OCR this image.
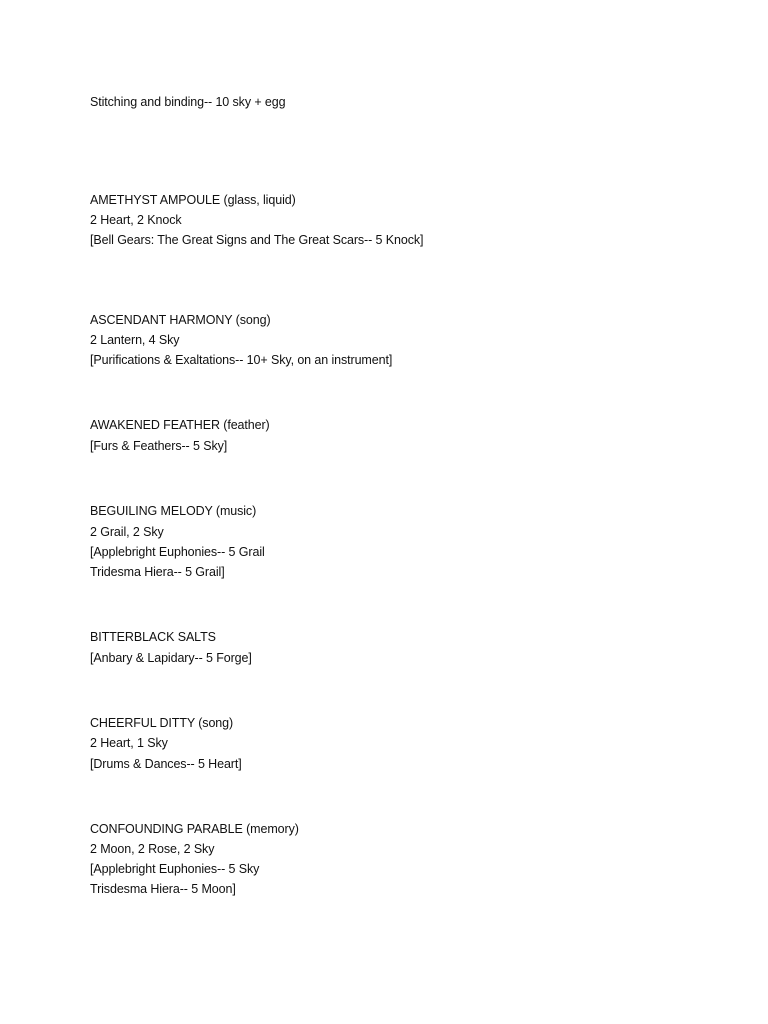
Stitching and binding-- 10 sky + egg
AMETHYST AMPOULE (glass, liquid)
2 Heart, 2 Knock
[Bell Gears: The Great Signs and The Great Scars-- 5 Knock]
ASCENDANT HARMONY (song)
2 Lantern, 4 Sky
[Purifications & Exaltations-- 10+ Sky, on an instrument]
AWAKENED FEATHER (feather)
[Furs & Feathers-- 5 Sky]
BEGUILING MELODY (music)
2 Grail, 2 Sky
[Applebright Euphonies-- 5 Grail
Tridesma Hiera-- 5 Grail]
BITTERBLACK SALTS
[Anbary & Lapidary-- 5 Forge]
CHEERFUL DITTY (song)
2 Heart, 1 Sky
[Drums & Dances-- 5 Heart]
CONFOUNDING PARABLE (memory)
2 Moon, 2 Rose, 2 Sky
[Applebright Euphonies-- 5 Sky
Trisdesma Hiera-- 5 Moon]
